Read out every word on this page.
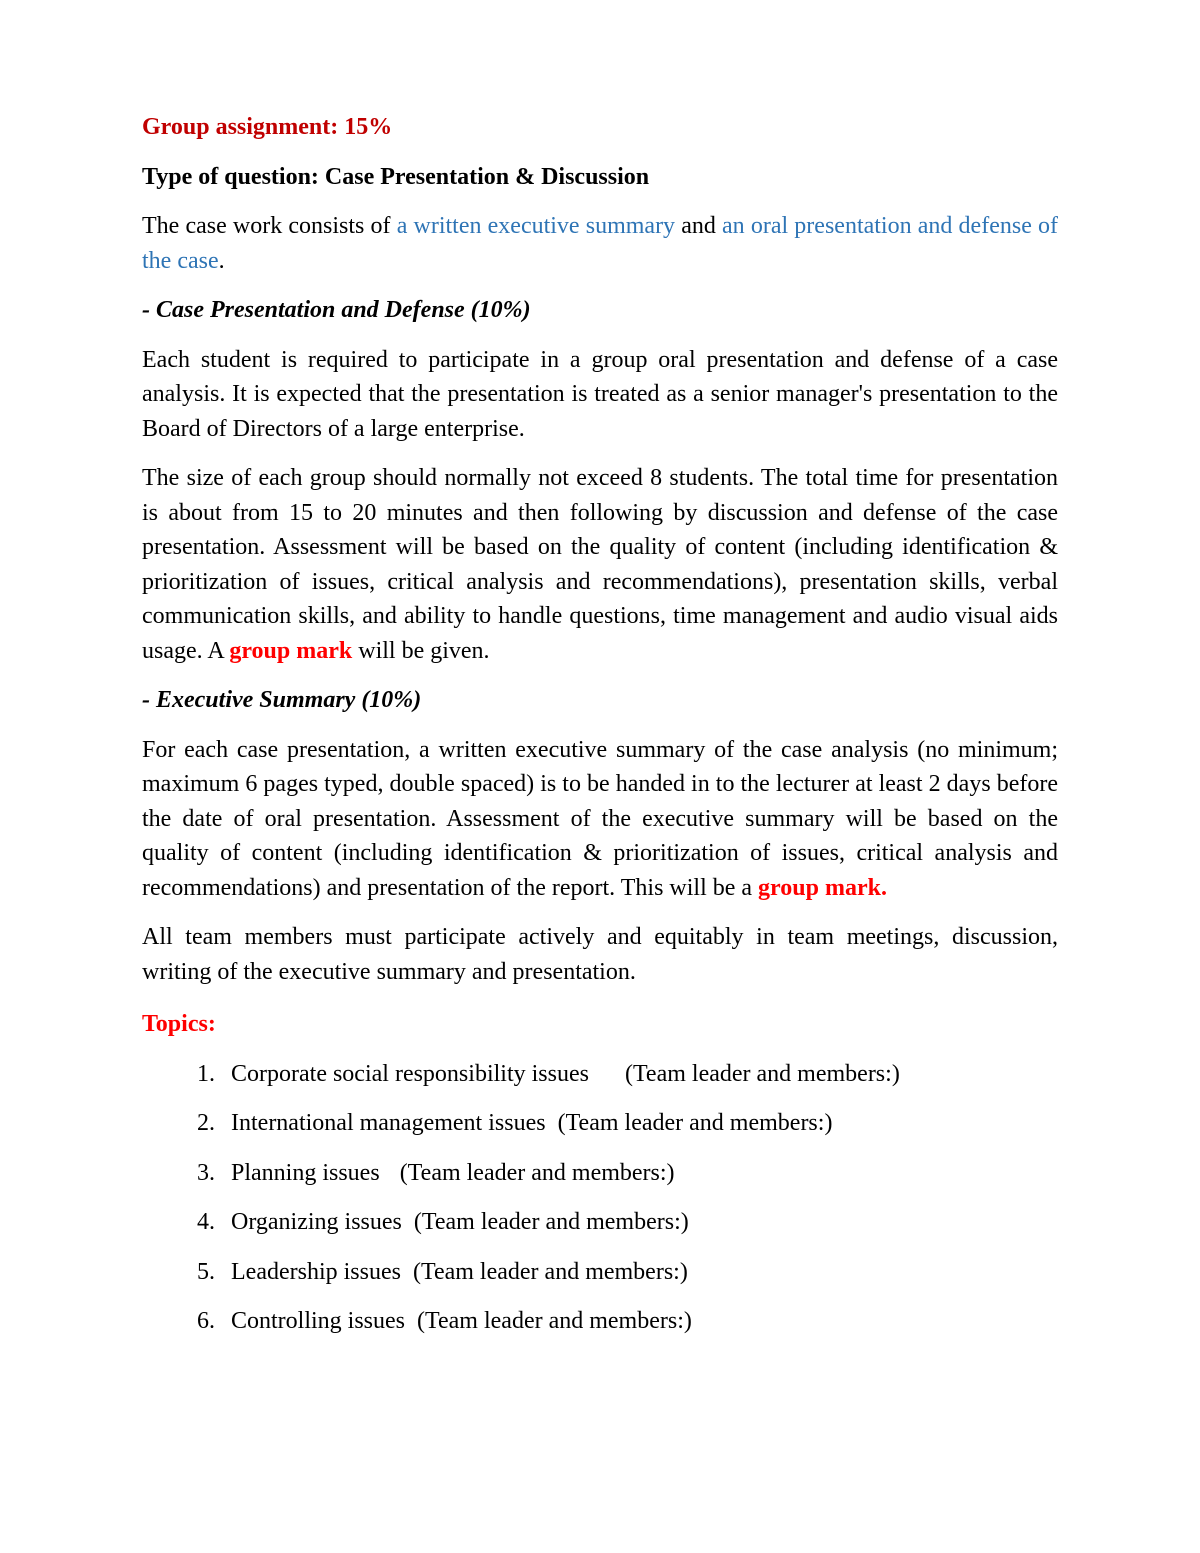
Group assignment: 15%

Type of question: Case Presentation & Discussion

The case work consists of a written executive summary and an oral presentation and defense of the case.

- Case Presentation and Defense (10%)

Each student is required to participate in a group oral presentation and defense of a case analysis. It is expected that the presentation is treated as a senior manager's presentation to the Board of Directors of a large enterprise.

The size of each group should normally not exceed 8 students. The total time for presentation is about from 15 to 20 minutes and then following by discussion and defense of the case presentation. Assessment will be based on the quality of content (including identification & prioritization of issues, critical analysis and recommendations), presentation skills, verbal communication skills, and ability to handle questions, time management and audio visual aids usage. A group mark will be given.

- Executive Summary (10%)

For each case presentation, a written executive summary of the case analysis (no minimum; maximum 6 pages typed, double spaced) is to be handed in to the lecturer at least 2 days before the date of oral presentation. Assessment of the executive summary will be based on the quality of content (including identification & prioritization of issues, critical analysis and recommendations) and presentation of the report. This will be a group mark.

All team members must participate actively and equitably in team meetings, discussion, writing of the executive summary and presentation.

Topics:

1. Corporate social responsibility issues (Team leader and members:)
2. International management issues (Team leader and members:)
3. Planning issues (Team leader and members:)
4. Organizing issues (Team leader and members:)
5. Leadership issues (Team leader and members:)
6. Controlling issues (Team leader and members:)
